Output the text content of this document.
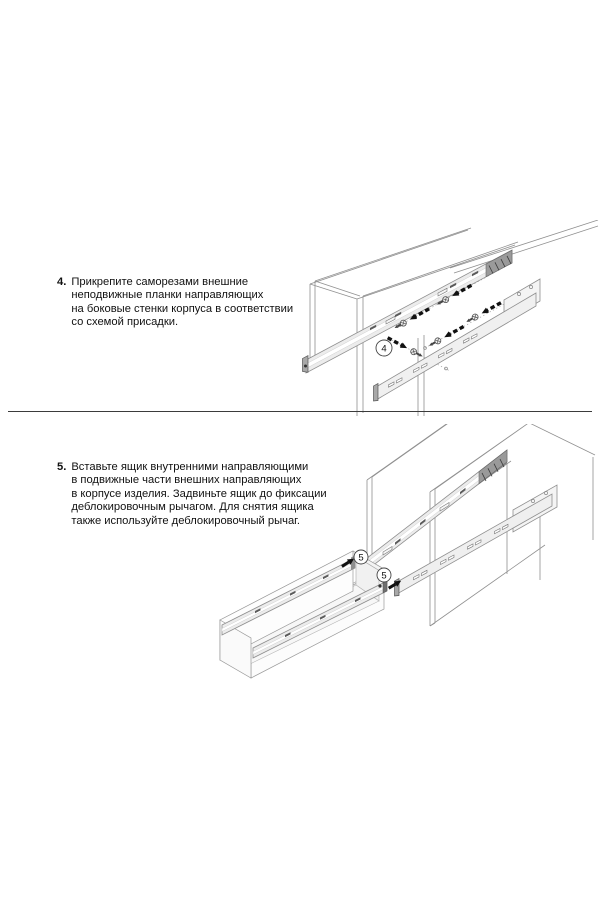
4. Прикрепите саморезами внешние
неподвижные планки направляющих
на боковые стенки корпуса в соответствии
со схемой присадки.
4
5. Вставьте ящик внутренними направляющими
в подвижные части внешних направляющих
в корпусе изделия. Задвиньте ящик до фиксации
деблокировочным рычагом. Для снятия ящика
также используйте деблокировочный рычаг.
5
5
